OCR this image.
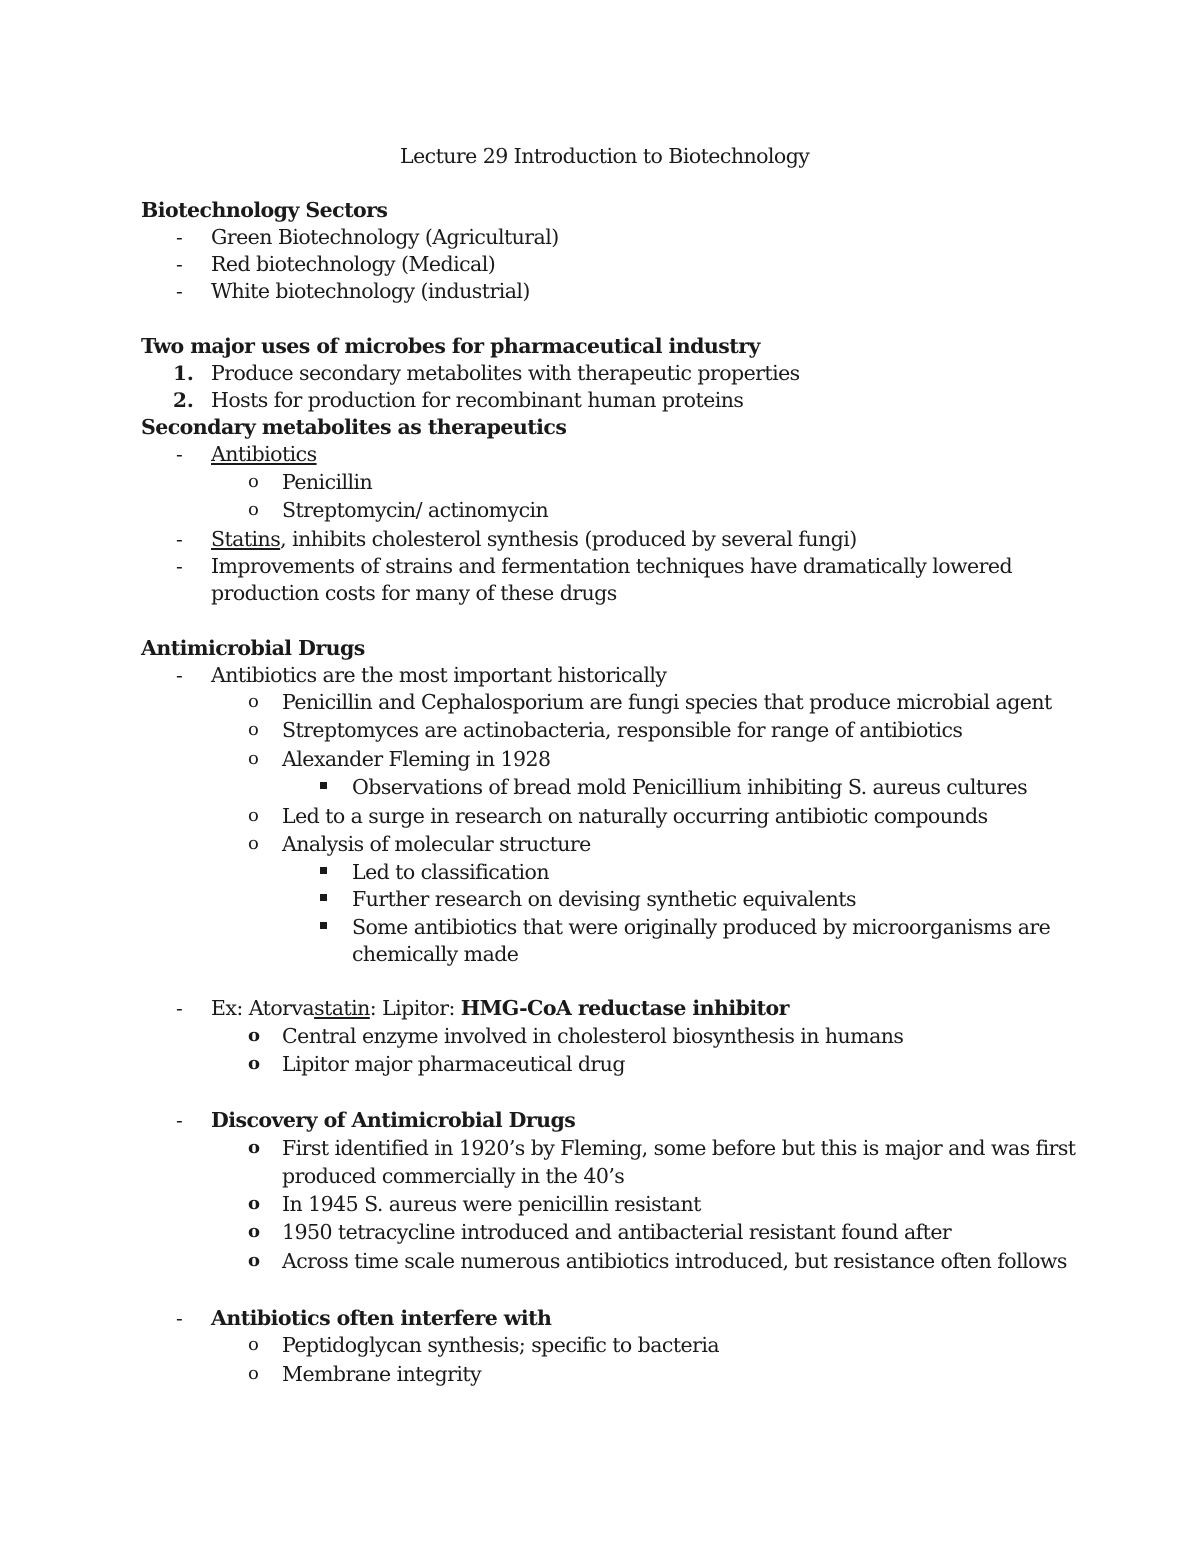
Lecture 29 Introduction to Biotechnology
Biotechnology Sectors
- Green Biotechnology (Agricultural)
- Red biotechnology (Medical)
- White biotechnology (industrial)
Two major uses of microbes for pharmaceutical industry
1. Produce secondary metabolites with therapeutic properties
2. Hosts for production for recombinant human proteins
Secondary metabolites as therapeutics
- Antibiotics
o Penicillin
o Streptomycin/ actinomycin
- Statins, inhibits cholesterol synthesis (produced by several fungi)
- Improvements of strains and fermentation techniques have dramatically lowered
production costs for many of these drugs
Antimicrobial Drugs
- Antibiotics are the most important historically
o Penicillin and Cephalosporium are fungi species that produce microbial agent
o Streptomyces are actinobacteria, responsible for range of antibiotics
o Alexander Fleming in 1928
Observations of bread mold Penicillium inhibiting S. aureus cultures
o Led to a surge in research on naturally occurring antibiotic compounds
o Analysis of molecular structure
Led to classification
Further research on devising synthetic equivalents
Some antibiotics that were originally produced by microorganisms are
chemically made
- Ex: Atorvastatin: Lipitor: HMG-CoA reductase inhibitor
o Central enzyme involved in cholesterol biosynthesis in humans
o Lipitor major pharmaceutical drug
- Discovery of Antimicrobial Drugs
o First identified in 1920’s by Fleming, some before but this is major and was first
produced commercially in the 40’s
o In 1945 S. aureus were penicillin resistant
o 1950 tetracycline introduced and antibacterial resistant found after
o Across time scale numerous antibiotics introduced, but resistance often follows
- Antibiotics often interfere with
o Peptidoglycan synthesis; specific to bacteria
o Membrane integrity
